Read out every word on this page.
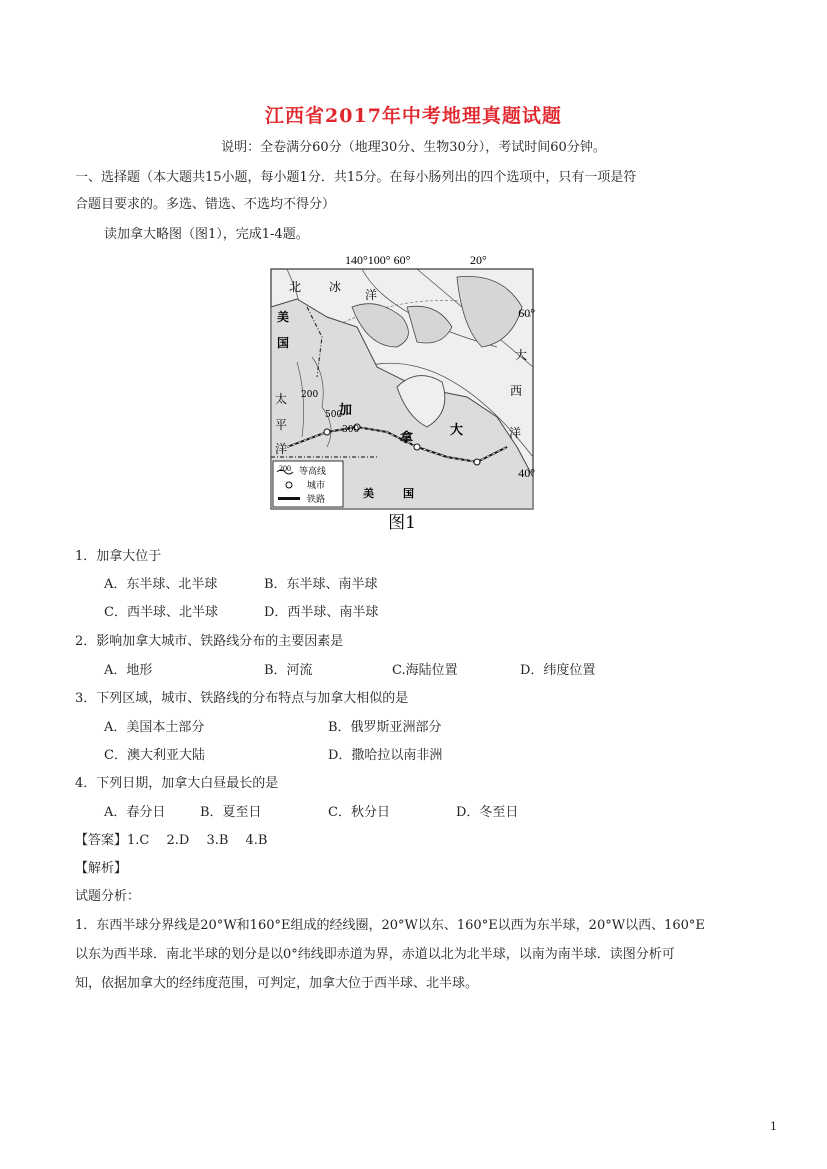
江西省2017年中考地理真题试题
说明：全卷满分60分（地理30分、生物30分），考试时间60分钟。
一、选择题（本大题共15小题，每小题1分．共15分。在每小肠列出的四个选项中，只有一项是符
合题目要求的。多选、错选、不选均不得分）
读加拿大略图（图1），完成1-4题。
140°100° 60°	20°
60°
40°
北 冰
洋
美
国
大
西
洋
太
平
洋
加
拿
大
200
500
300
200 等高线
城市
铁路	美	国
图1
1．加拿大位于
A．东半球、北半球	B．东半球、南半球
C．西半球、北半球	D．西半球、南半球
2．影响加拿大城市、铁路线分布的主要因素是
A．地形	B．河流	C.海陆位置	D．纬度位置
3．下列区域，城市、铁路线的分布特点与加拿大相似的是
A．美国本土部分	B．俄罗斯亚洲部分
C．澳大利亚大陆	D．撒哈拉以南非洲
4．下列日期，加拿大白昼最长的是
A．春分日	B．夏至日	C．秋分日	D．冬至日
【答案】1.C　 2.D　 3.B　 4.B
【解析】
试题分析：
1．东西半球分界线是20°W和160°E组成的经线圈，20°W以东、160°E以西为东半球，20°W以西、160°E
以东为西半球．南北半球的划分是以0°纬线即赤道为界，赤道以北为北半球，以南为南半球．读图分析可
知，依据加拿大的经纬度范围，可判定，加拿大位于西半球、北半球。
1
